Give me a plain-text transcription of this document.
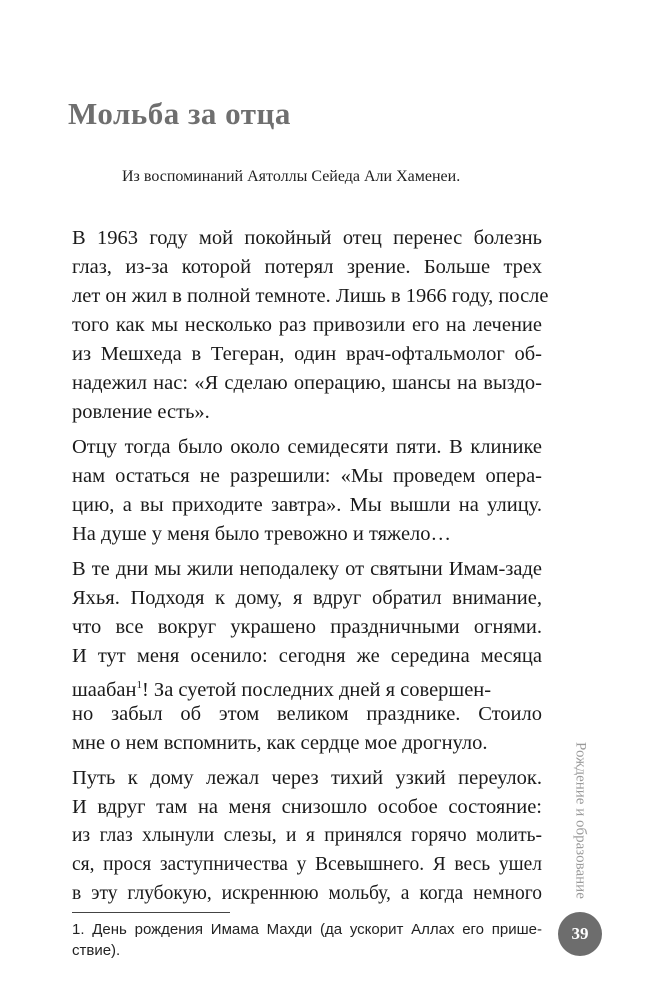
Мольба за отца
Из воспоминаний Аятоллы Сейеда Али Хаменеи.
В 1963 году мой покойный отец перенес болезнь
глаз, из-за которой потерял зрение. Больше трех
лет он жил в полной темноте. Лишь в 1966 году, после
того как мы несколько раз привозили его на лечение
из Мешхеда в Тегеран, один врач-офтальмолог об-
надежил нас: «Я сделаю операцию, шансы на выздо-
ровление есть».
Отцу тогда было около семидесяти пяти. В клинике
нам остаться не разрешили: «Мы проведем опера-
цию, а вы приходите завтра». Мы вышли на улицу.
На душе у меня было тревожно и тяжело…
В те дни мы жили неподалеку от святыни Имам-заде
Яхья. Подходя к дому, я вдруг обратил внимание,
что все вокруг украшено праздничными огнями.
И тут меня осенило: сегодня же середина месяца
шаабан$^1$! За суетой последних дней я совершен-
но забыл об этом великом празднике. Стоило
мне о нем вспомнить, как сердце мое дрогнуло.
Путь к дому лежал через тихий узкий переулок.
И вдруг там на меня снизошло особое состояние:
из глаз хлынули слезы, и я принялся горячо молить-
ся, прося заступничества у Всевышнего. Я весь ушел
в эту глубокую, искреннюю мольбу, а когда немного
1. День рождения Имама Махди (да ускорит Аллах его прише-
ствие).
Рождение и образование
39
